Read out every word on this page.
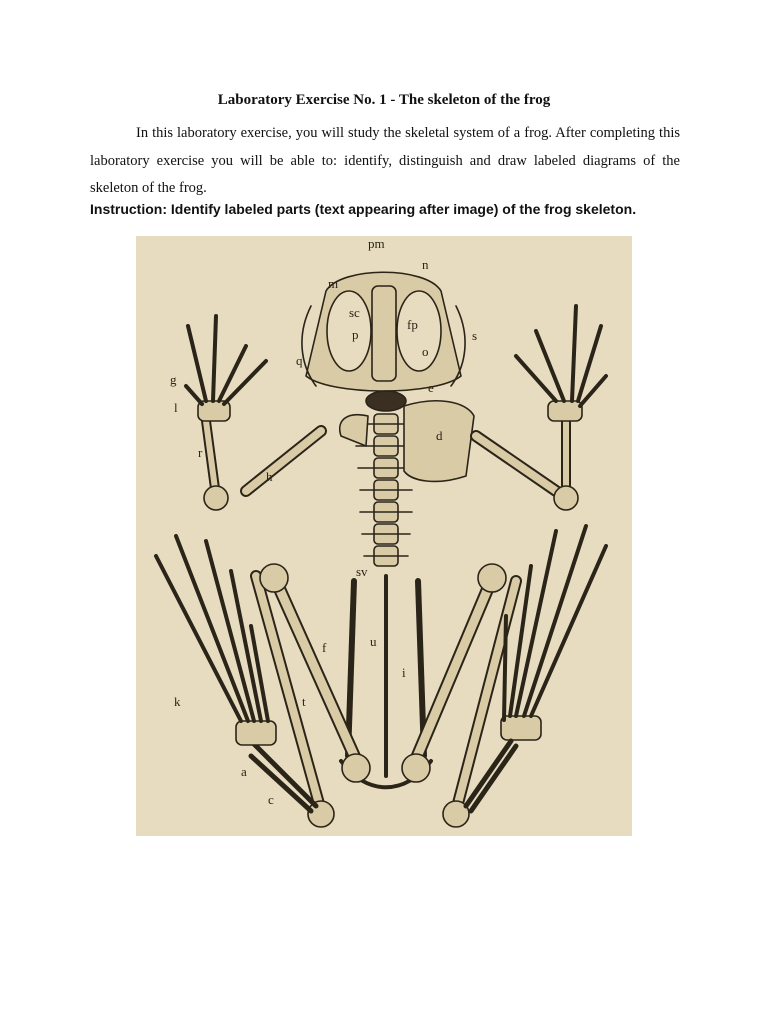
Laboratory Exercise No. 1 - The skeleton of the frog
In this laboratory exercise, you will study the skeletal system of a frog. After completing this laboratory exercise you will be able to: identify, distinguish and draw labeled diagrams of the skeleton of the frog.
Instruction: Identify labeled parts (text appearing after image) of the frog skeleton.
pm
n
m
sc
fp
p	s
q
o
e
g
l
d
r
h
sv
u
f
i
k	t
a
c
